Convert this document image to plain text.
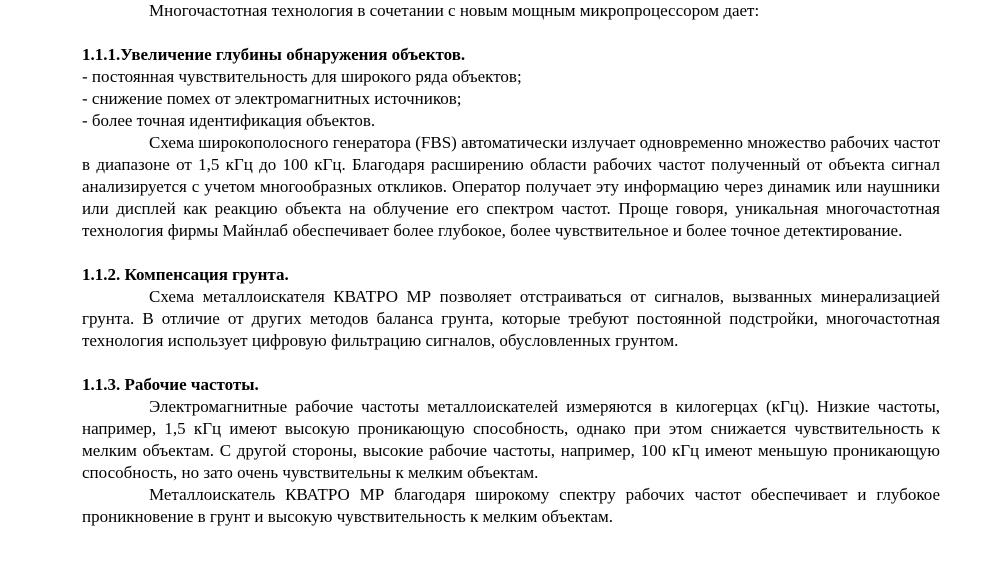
Многочастотная технология в сочетании с новым мощным микропроцессором дает:

1.1.1.Увеличение глубины обнаружения объектов.

- постоянная чувствительность для широкого ряда объектов;

- снижение помех от электромагнитных источников;

- более точная идентификация объектов.

Схема широкополосного генератора (FBS) автоматически излучает одновременно множество рабочих частот в диапазоне от 1,5 кГц до 100 кГц. Благодаря расширению области рабочих частот полученный от объекта сигнал анализируется с учетом многообразных откликов. Оператор получает эту информацию через динамик или наушники или дисплей как реакцию объекта на облучение его спектром частот. Проще говоря, уникальная многочастотная технология фирмы Майнлаб обеспечивает более глубокое, более чувствительное и более точное детектирование.

1.1.2. Компенсация грунта.

Схема металлоискателя КВАТРО МР позволяет отстраиваться от сигналов, вызванных минерализацией грунта. В отличие от других методов баланса грунта, которые требуют постоянной подстройки, многочастотная технология использует цифровую фильтрацию сигналов, обусловленных грунтом.

1.1.3. Рабочие частоты.

Электромагнитные рабочие частоты металлоискателей измеряются в килогерцах (кГц). Низкие частоты, например, 1,5 кГц имеют высокую проникающую способность, однако при этом снижается чувствительность к мелким объектам. С другой стороны, высокие рабочие частоты, например, 100 кГц имеют меньшую проникающую способность, но зато очень чувствительны к мелким объектам.

Металлоискатель КВАТРО МР благодаря широкому спектру рабочих частот обеспечивает и глубокое проникновение в грунт и высокую чувствительность к мелким объектам.
